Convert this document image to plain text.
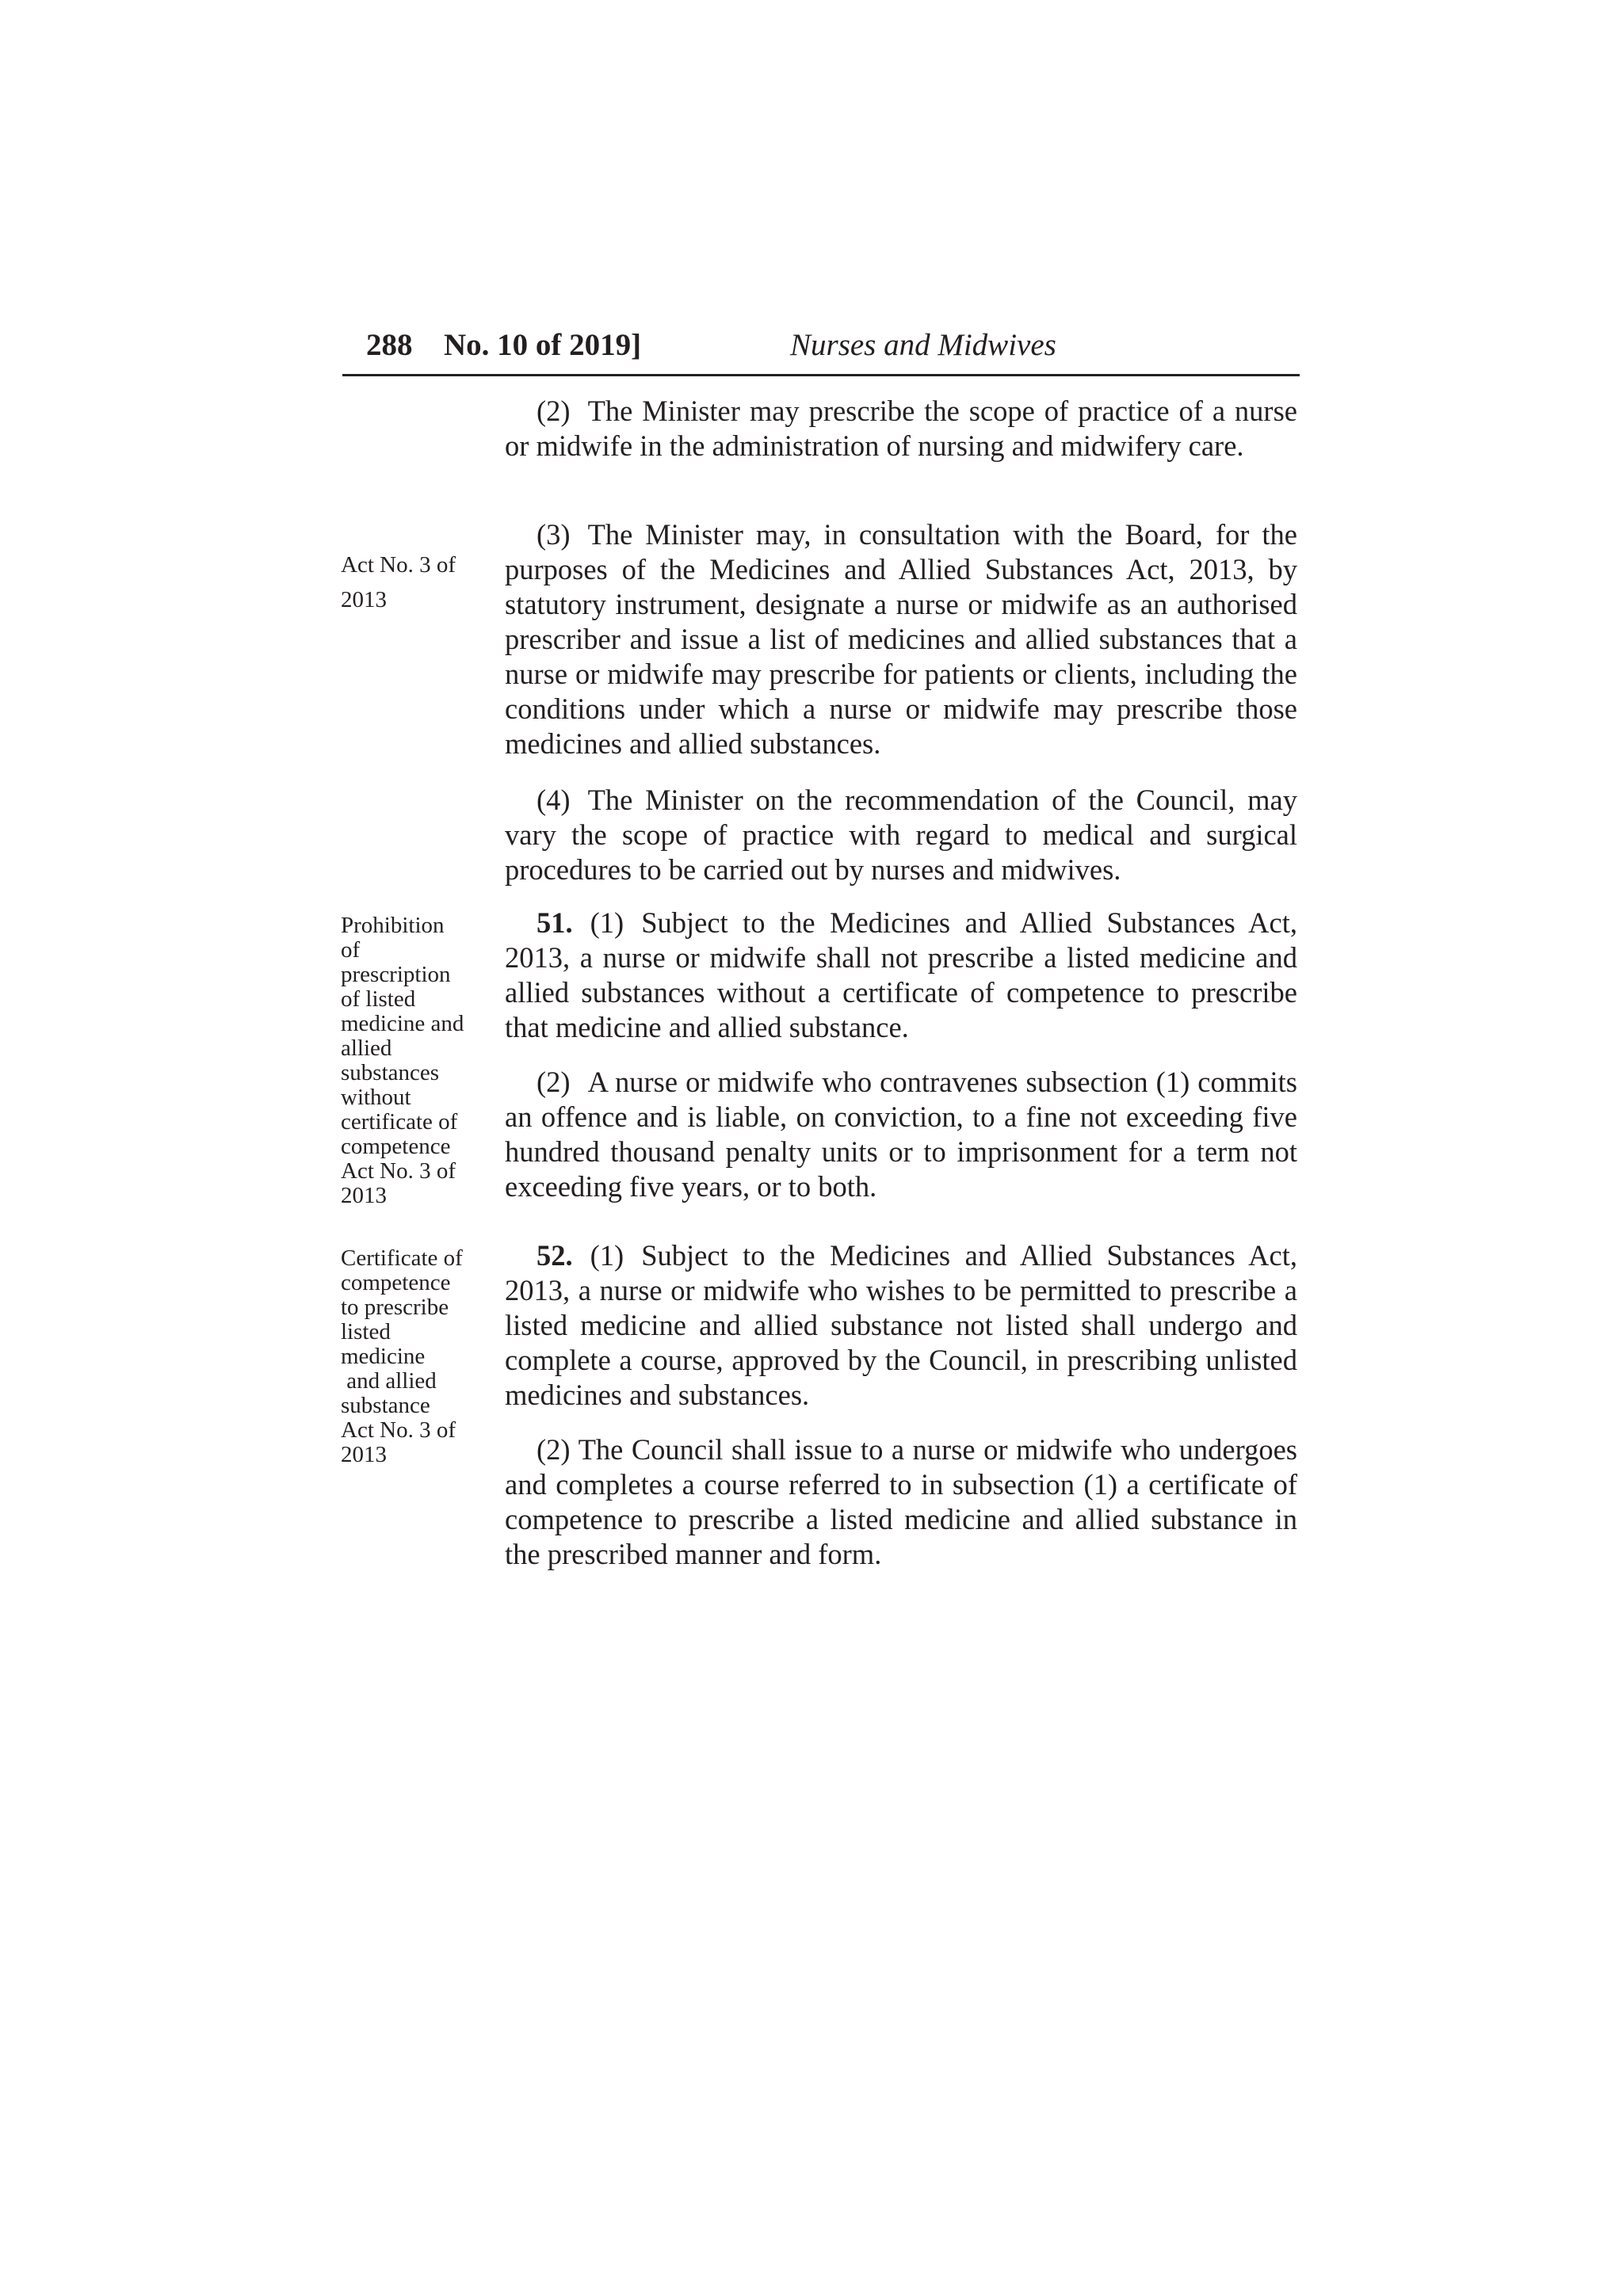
288 No. 10 of 2019]	Nurses and Midwives
Act No. 3 of
2013
Prohibition
of
prescription
of listed
medicine and
allied
substances
without
certificate of
competence
Act No. 3 of
2013
Certificate of
competence
to prescribe
listed
medicine
and allied
substance
Act No. 3 of
2013

(2) The Minister may prescribe the scope of practice of a nurse or midwife in the administration of nursing and midwifery care.

(3) The Minister may, in consultation with the Board, for the purposes of the Medicines and Allied Substances Act, 2013, by statutory instrument, designate a nurse or midwife as an authorised prescriber and issue a list of medicines and allied substances that a nurse or midwife may prescribe for patients or clients, including the conditions under which a nurse or midwife may prescribe those medicines and allied substances.

(4) The Minister on the recommendation of the Council, may vary the scope of practice with regard to medical and surgical procedures to be carried out by nurses and midwives.

51. (1) Subject to the Medicines and Allied Substances Act, 2013, a nurse or midwife shall not prescribe a listed medicine and allied substances without a certificate of competence to prescribe that medicine and allied substance.

(2) A nurse or midwife who contravenes subsection (1) commits an offence and is liable, on conviction, to a fine not exceeding five hundred thousand penalty units or to imprisonment for a term not exceeding five years, or to both.

52. (1) Subject to the Medicines and Allied Substances Act, 2013, a nurse or midwife who wishes to be permitted to prescribe a listed medicine and allied substance not listed shall undergo and complete a course, approved by the Council, in prescribing unlisted medicines and substances.

(2) The Council shall issue to a nurse or midwife who undergoes and completes a course referred to in subsection (1) a certificate of competence to prescribe a listed medicine and allied substance in the prescribed manner and form.
